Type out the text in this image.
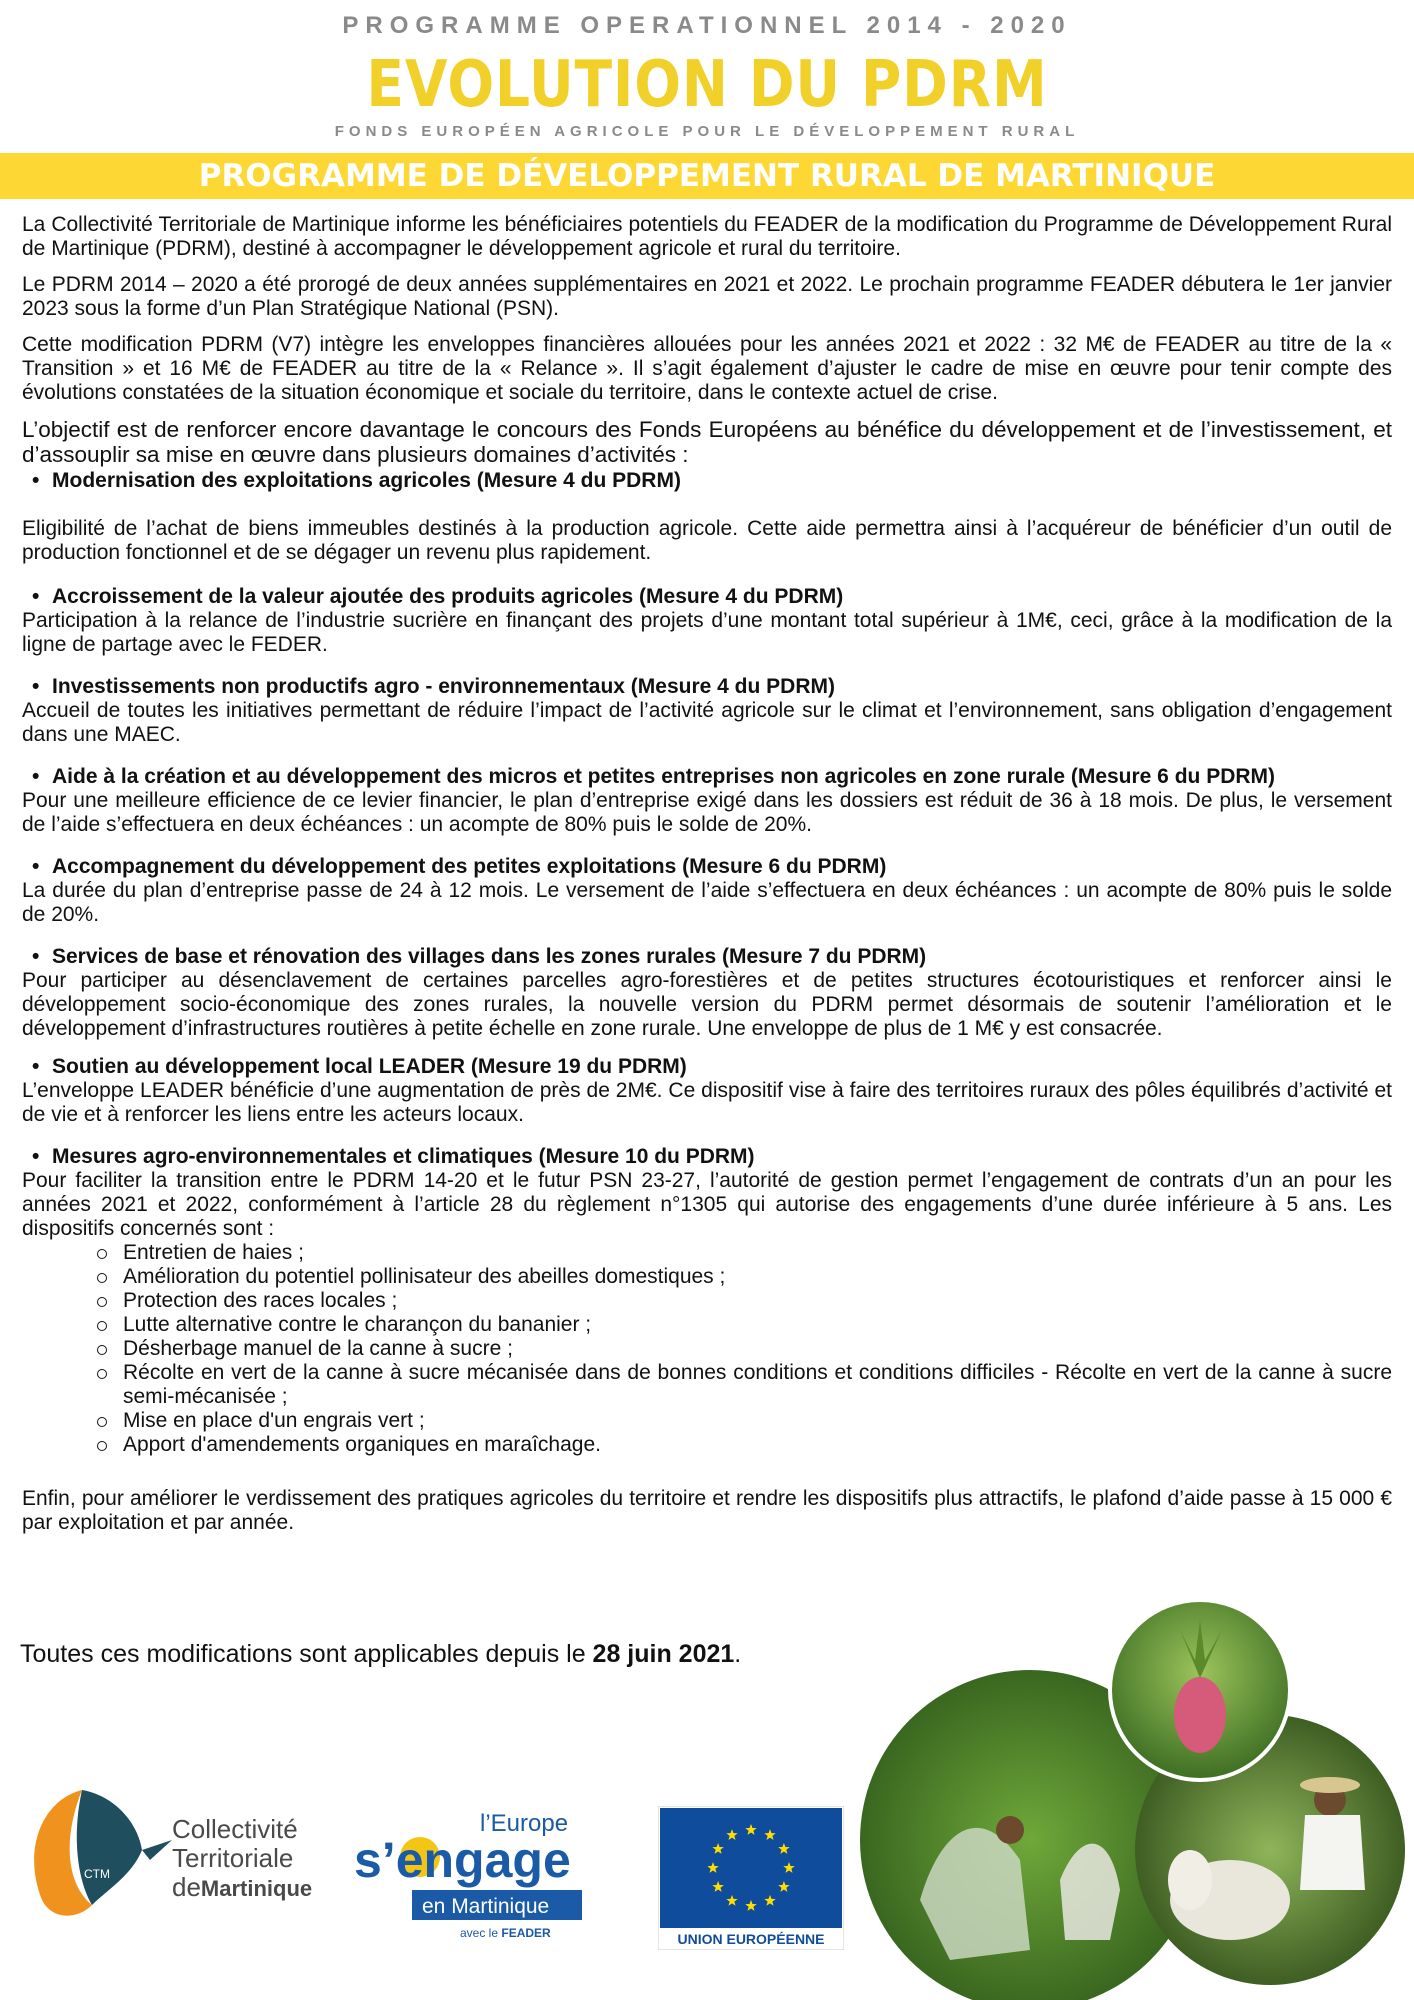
PROGRAMME OPERATIONNEL 2014 - 2020
EVOLUTION DU PDRM
FONDS EUROPÉEN AGRICOLE POUR LE DÉVELOPPEMENT RURAL
PROGRAMME DE DÉVELOPPEMENT RURAL DE MARTINIQUE

La Collectivité Territoriale de Martinique informe les bénéficiaires potentiels du FEADER de la modification du Programme de Développement Rural de Martinique (PDRM), destiné à accompagner le développement agricole et rural du territoire.

Le PDRM 2014 – 2020 a été prorogé de deux années supplémentaires en 2021 et 2022. Le prochain programme FEADER débutera le 1er janvier 2023 sous la forme d’un Plan Stratégique National (PSN).

Cette modification PDRM (V7) intègre les enveloppes financières allouées pour les années 2021 et 2022 : 32 M€ de FEADER au titre de la « Transition » et 16 M€ de FEADER au titre de la « Relance ». Il s’agit également d’ajuster le cadre de mise en œuvre pour tenir compte des évolutions constatées de la situation économique et sociale du territoire, dans le contexte actuel de crise.

L’objectif est de renforcer encore davantage le concours des Fonds Européens au bénéfice du développement et de l’investissement, et d’assouplir sa mise en œuvre dans plusieurs domaines d’activités :

• Modernisation des exploitations agricoles (Mesure 4 du PDRM)

Eligibilité de l’achat de biens immeubles destinés à la production agricole. Cette aide permettra ainsi à l’acquéreur de bénéficier d’un outil de production fonctionnel et de se dégager un revenu plus rapidement.

• Accroissement de la valeur ajoutée des produits agricoles (Mesure 4 du PDRM)

Participation à la relance de l’industrie sucrière en finançant des projets d’une montant total supérieur à 1M€, ceci, grâce à la modification de la ligne de partage avec le FEDER.

• Investissements non productifs agro - environnementaux (Mesure 4 du PDRM)

Accueil de toutes les initiatives permettant de réduire l’impact de l’activité agricole sur le climat et l’environnement, sans obligation d’engagement dans une MAEC.

• Aide à la création et au développement des micros et petites entreprises non agricoles en zone rurale (Mesure 6 du PDRM)

Pour une meilleure efficience de ce levier financier, le plan d’entreprise exigé dans les dossiers est réduit de 36 à 18 mois. De plus, le versement de l’aide s’effectuera en deux échéances : un acompte de 80% puis le solde de 20%.

• Accompagnement du développement des petites exploitations (Mesure 6 du PDRM)

La durée du plan d’entreprise passe de 24 à 12 mois. Le versement de l’aide s’effectuera en deux échéances : un acompte de 80% puis le solde de 20%.

• Services de base et rénovation des villages dans les zones rurales (Mesure 7 du PDRM)

Pour participer au désenclavement de certaines parcelles agro-forestières et de petites structures écotouristiques et renforcer ainsi le développement socio-économique des zones rurales, la nouvelle version du PDRM permet désormais de soutenir l’amélioration et le développement d’infrastructures routières à petite échelle en zone rurale. Une enveloppe de plus de 1 M€ y est consacrée.

• Soutien au développement local LEADER (Mesure 19 du PDRM)

L’enveloppe LEADER bénéficie d’une augmentation de près de 2M€. Ce dispositif vise à faire des territoires ruraux des pôles équilibrés d’activité et de vie et à renforcer les liens entre les acteurs locaux.

• Mesures agro-environnementales et climatiques (Mesure 10 du PDRM)

Pour faciliter la transition entre le PDRM 14-20 et le futur PSN 23-27, l’autorité de gestion permet l’engagement de contrats d’un an pour les années 2021 et 2022, conformément à l’article 28 du règlement n°1305 qui autorise des engagements d’une durée inférieure à 5 ans. Les dispositifs concernés sont :

Entretien de haies ;
Amélioration du potentiel pollinisateur des abeilles domestiques ;
Protection des races locales ;
Lutte alternative contre le charançon du bananier ;
Désherbage manuel de la canne à sucre ;
Récolte en vert de la canne à sucre mécanisée dans de bonnes conditions et conditions difficiles - Récolte en vert de la canne à sucre semi-mécanisée ;
Mise en place d'un engrais vert ;
Apport d'amendements organiques en maraîchage.

Enfin, pour améliorer le verdissement des pratiques agricoles du territoire et rendre les dispositifs plus attractifs, le plafond d’aide passe à 15 000 € par exploitation et par année.

Toutes ces modifications sont applicables depuis le 28 juin 2021.
CTM
Collectivité
Territoriale
deMartinique
l’Europe
s’engage
en Martinique
avec le FEADER	UNION EUROPÉENNE
